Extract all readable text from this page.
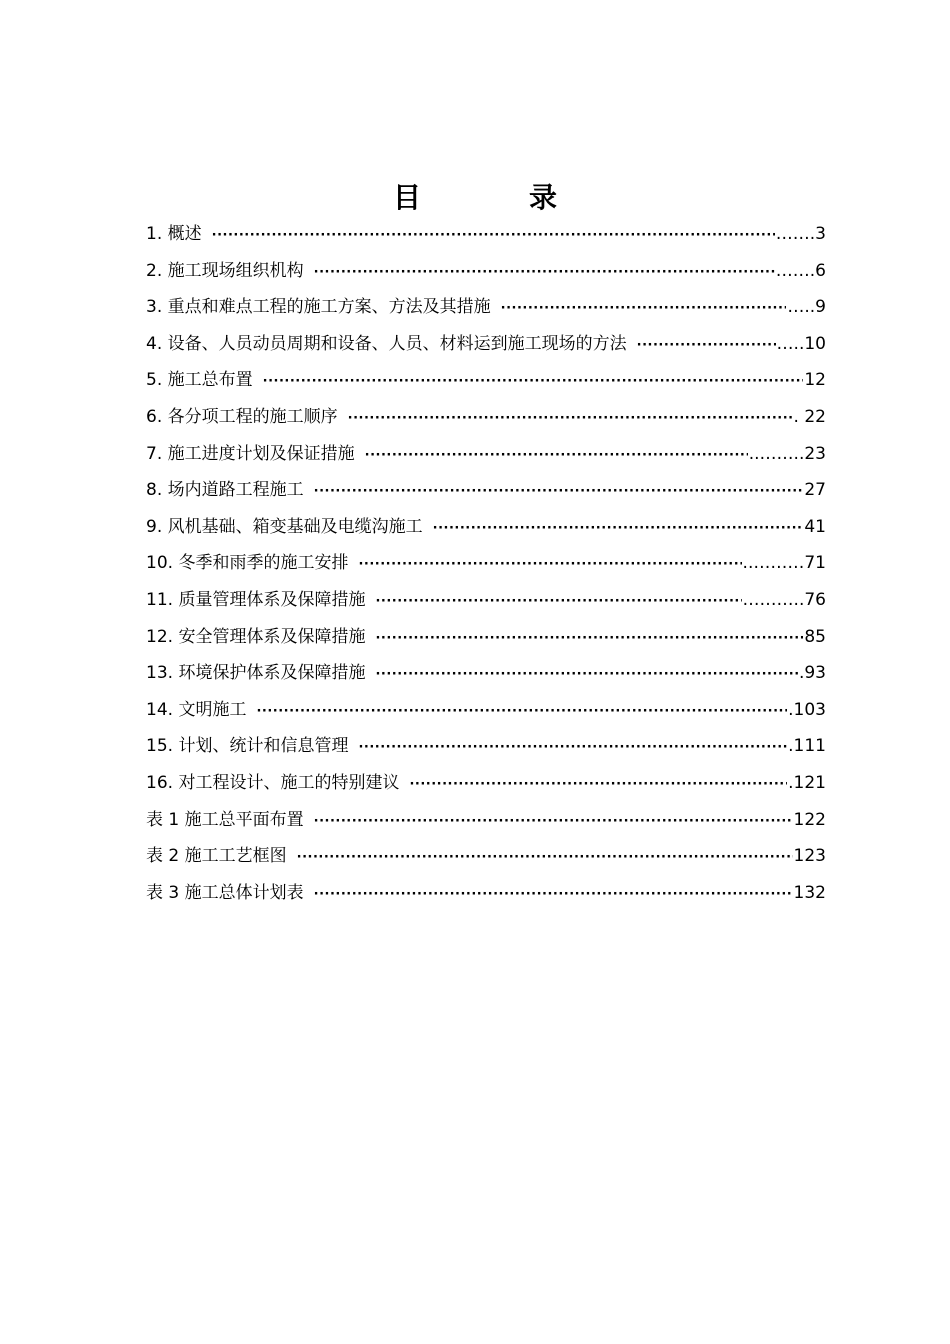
目　录
1. 概述 ·····	…….3
2. 施工现场组织机构 ·····	…….6
3. 重点和难点工程的施工方案、方法及其措施 ·····	…..9
4. 设备、人员动员周期和设备、人员、材料运到施工现场的方法 ·····	…..10
5. 施工总布置 ·····	12
6. 各分项工程的施工顺序 ·····	. 22
7. 施工进度计划及保证措施 ·····	..……..23
8. 场内道路工程施工 ·····	27
9. 风机基础、箱变基础及电缆沟施工 ·····	41
10. 冬季和雨季的施工安排 ·····	..………71
11. 质量管理体系及保障措施 ·····	………..76
12. 安全管理体系及保障措施 ·····	85
13. 环境保护体系及保障措施 ·····	.93
14. 文明施工 ·····	.103
15. 计划、统计和信息管理 ·····	.111
16. 对工程设计、施工的特别建议 ·····	.121
表 1 施工总平面布置 ·····	122
表 2 施工工艺框图 ·····	123
表 3 施工总体计划表 ·····	132
